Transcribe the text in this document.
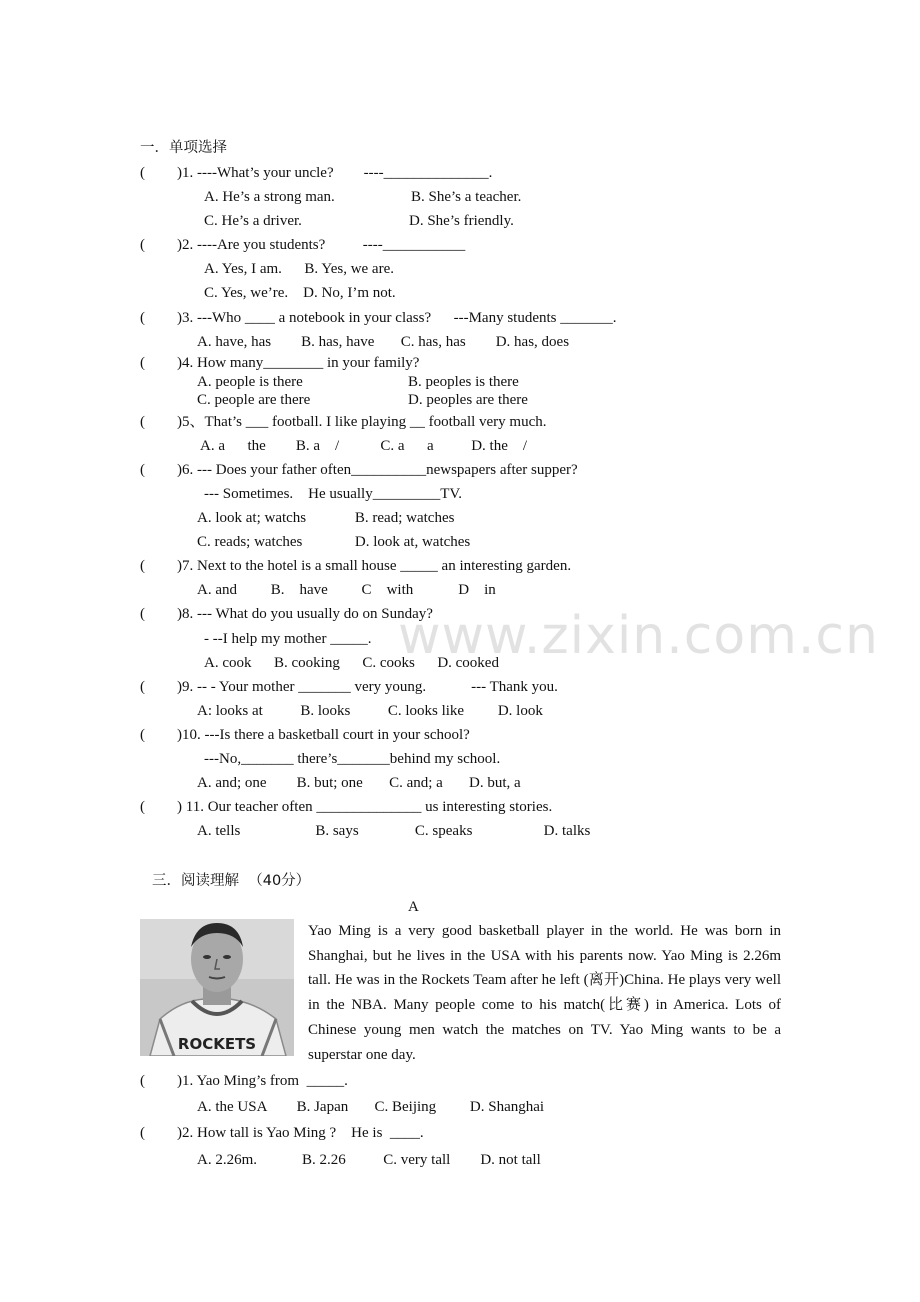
www.zixin.com.cn
一．单项选择
( )1. ----What’s your uncle?        ----______________.
A. He’s a strong man.	B. She’s a teacher.
C. He’s a driver.	D. She’s friendly.
( )2. ----Are you students?          ----___________
A. Yes, I am.      B. Yes, we are.
C. Yes, we’re.    D. No, I’m not.
( )3. ---Who ____ a notebook in your class?      ---Many students _______.
A. have, has        B. has, have       C. has, has        D. has, does
( )4. How many________ in your family?
A. people is there	B. peoples is there
C. people are there	D. peoples are there
( )5、That’s ___ football. I like playing __ football very much.
A. a      the        B. a    /           C. a      a          D. the    /
( )6. --- Does your father often__________newspapers after supper?
--- Sometimes.    He usually_________TV.
A. look at; watchs             B. read; watches
C. reads; watches              D. look at, watches
( )7. Next to the hotel is a small house _____ an interesting garden.
A. and         B.    have         C    with            D    in
( )8. --- What do you usually do on Sunday?
- --I help my mother _____.
A. cook      B. cooking      C. cooks      D. cooked
( )9. -- - Your mother _______ very young.            --- Thank you.
A: looks at          B. looks          C. looks like         D. look
( )10. ---Is there a basketball court in your school?
---No,_______ there’s_______behind my school.
A. and; one        B. but; one       C. and; a       D. but, a
( ) 11. Our teacher often ______________ us interesting stories.
A. tells                    B. says               C. speaks                   D. talks
三．阅读理解  （40分）
A
ROCKETS
Yao Ming is a very good basketball player in the world. He was born in Shanghai, but he lives in the USA with his parents now. Yao Ming is 2.26m tall. He was in the Rockets Team after he left (离开)China. He plays very well in the NBA. Many people come to his match(比赛) in America. Lots of Chinese young men watch the matches on TV. Yao Ming wants to be a superstar one day.
( )1. Yao Ming’s from  _____.
A. the USA        B. Japan       C. Beijing         D. Shanghai
( )2. How tall is Yao Ming ?    He is  ____.
A. 2.26m.            B. 2.26          C. very tall        D. not tall
